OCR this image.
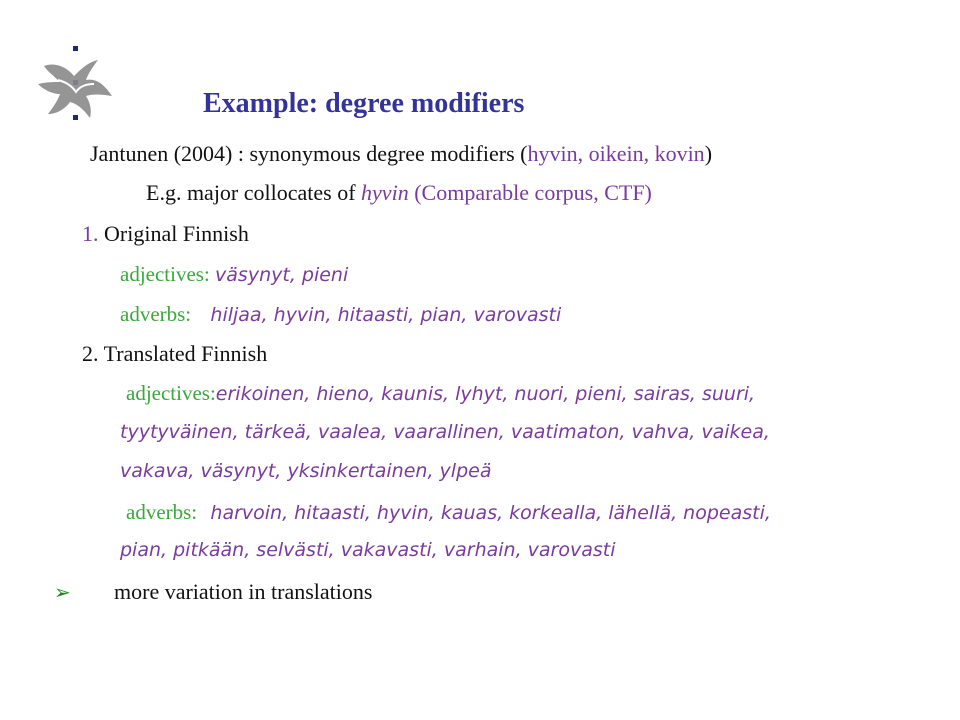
Example: degree modifiers
Jantunen (2004) : synonymous degree modifiers (hyvin, oikein, kovin)
E.g. major collocates of hyvin (Comparable corpus, CTF)
1. Original Finnish
adjectives: väsynyt, pieni
adverbs: hiljaa, hyvin, hitaasti, pian, varovasti
2. Translated Finnish
adjectives:erikoinen, hieno, kaunis, lyhyt, nuori, pieni, sairas, suuri,
tyytyväinen, tärkeä, vaalea, vaarallinen, vaatimaton, vahva, vaikea,
vakava, väsynyt, yksinkertainen, ylpeä
adverbs: harvoin, hitaasti, hyvin, kauas, korkealla, lähellä, nopeasti,
pian, pitkään, selvästi, vakavasti, varhain, varovasti
➢ more variation in translations
